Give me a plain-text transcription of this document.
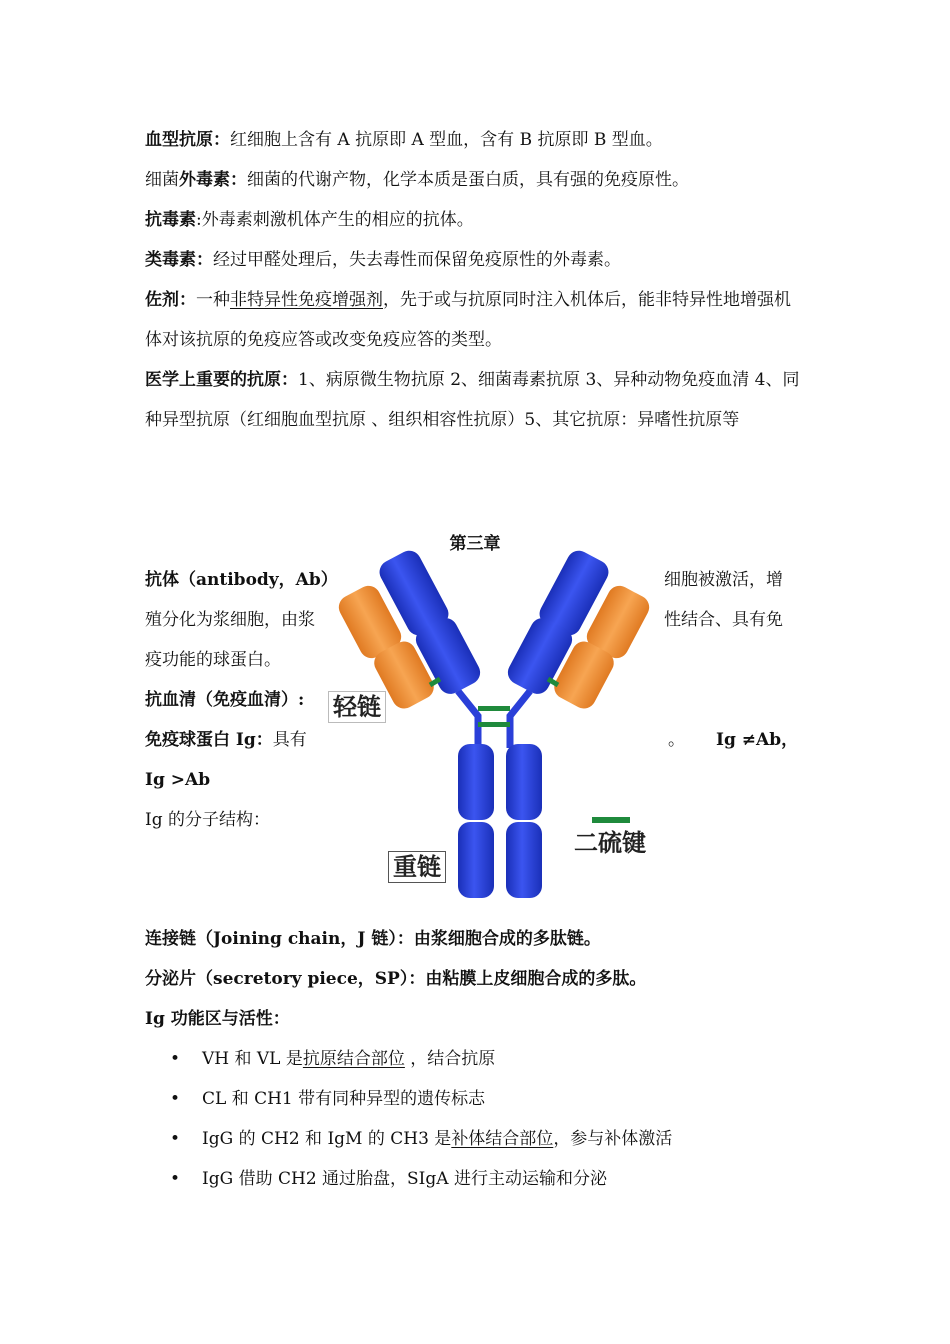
血型抗原：红细胞上含有 A 抗原即 A 型血，含有 B 抗原即 B 型血。

细菌外毒素：细菌的代谢产物，化学本质是蛋白质，具有强的免疫原性。

抗毒素:外毒素刺激机体产生的相应的抗体。

类毒素：经过甲醛处理后，失去毒性而保留免疫原性的外毒素。

佐剂：一种非特异性免疫增强剂，先于或与抗原同时注入机体后，能非特异性地增强机体对该抗原的免疫应答或改变免疫应答的类型。

医学上重要的抗原：1、病原微生物抗原 2、细菌毒素抗原 3、异种动物免疫血清 4、同种异型抗原（红细胞血型抗原 、组织相容性抗原）5、其它抗原：异嗜性抗原等

第三章
抗体（antibody，Ab）	细胞被激活，增
殖分化为浆细胞，由浆	性结合、具有免
疫功能的球蛋白。
抗血清（免疫血清）:
免疫球蛋白 Ig：具有	。 Ig ≠Ab，
Ig >Ab
Ig 的分子结构：
轻链
重链
二硫键
连接链（Joining chain，J 链）：由浆细胞合成的多肽链。
分泌片（secretory piece，SP）：由粘膜上皮细胞合成的多肽。
Ig 功能区与活性：
• VH 和 VL 是抗原结合部位 ，结合抗原
• CL 和 CH1 带有同种异型的遗传标志
• IgG 的 CH2 和 IgM 的 CH3 是补体结合部位，参与补体激活
• IgG 借助 CH2 通过胎盘，SIgA 进行主动运输和分泌
